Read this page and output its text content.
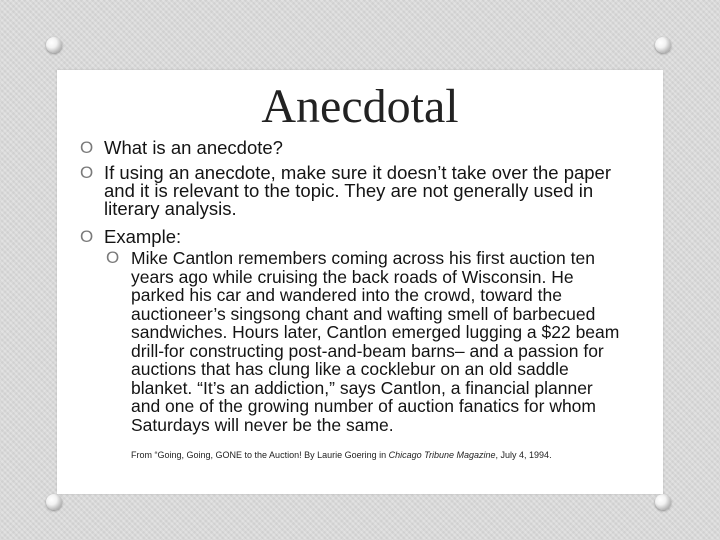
Anecdotal
O What is an anecdote?
O If using an anecdote, make sure it doesn’t take over the paper and it is relevant to the topic. They are not generally used in literary analysis.
O Example:
O Mike Cantlon remembers coming across his first auction ten years ago while cruising the back roads of Wisconsin. He parked his car and wandered into the crowd, toward the auctioneer’s singsong chant and wafting smell of barbecued sandwiches. Hours later, Cantlon emerged lugging a $22 beam drill-for constructing post-and-beam barns– and a passion for auctions that has clung like a cocklebur on an old saddle blanket. “It’s an addiction,” says Cantlon, a financial planner and one of the growing number of auction fanatics for whom Saturdays will never be the same.
From “Going, Going, GONE to the Auction! By Laurie Goering in Chicago Tribune Magazine, July 4, 1994.
